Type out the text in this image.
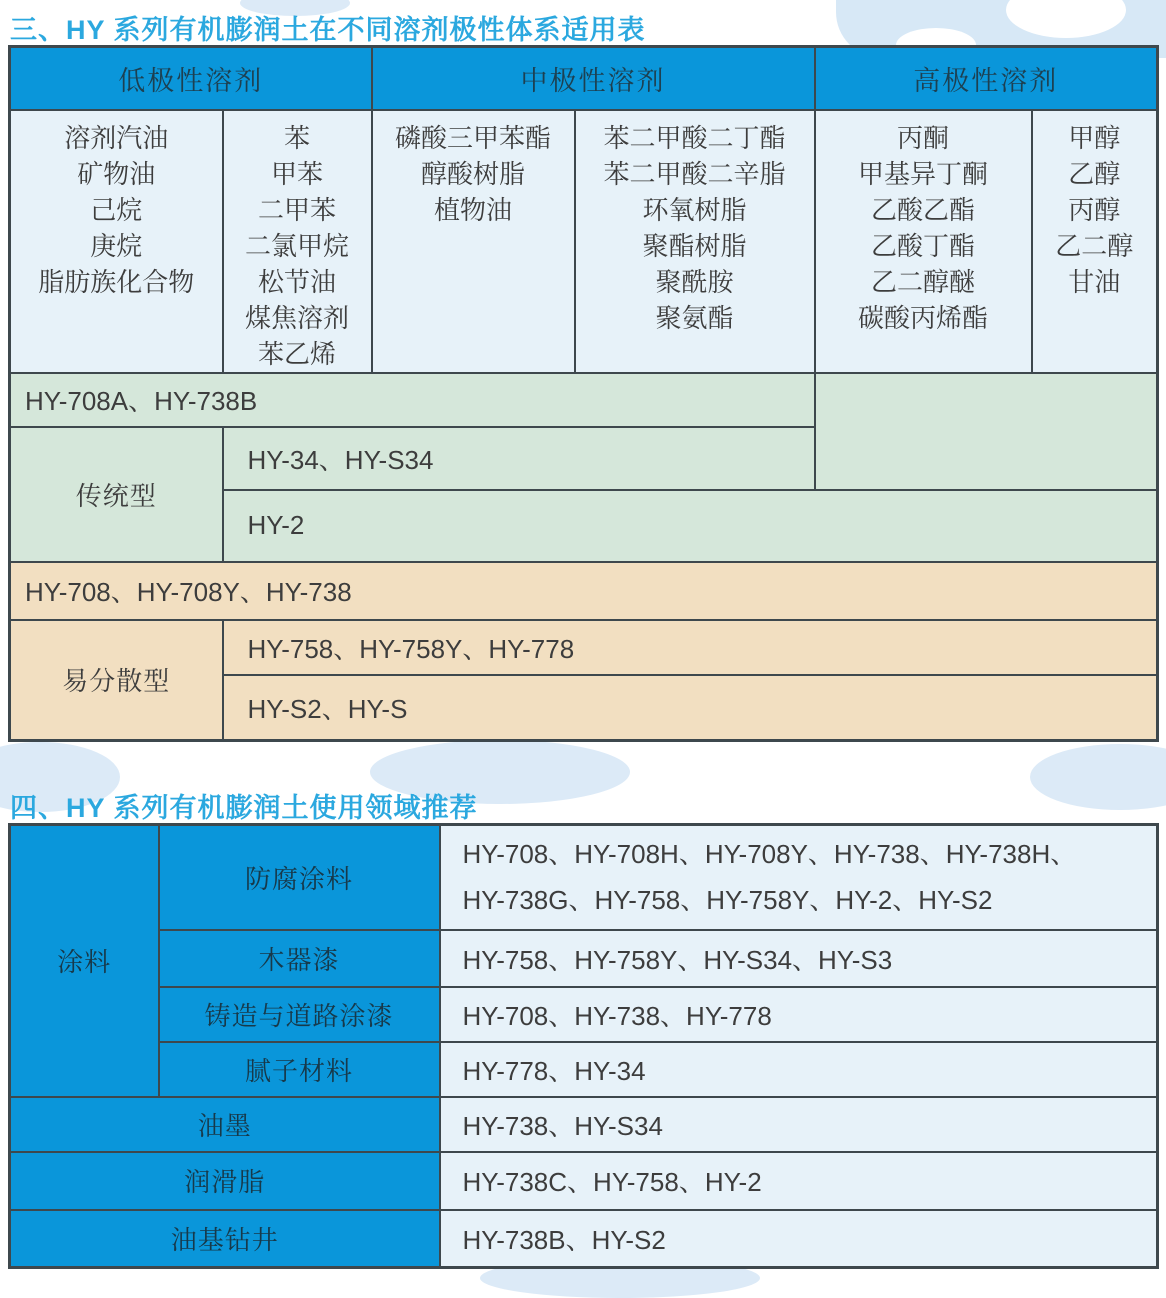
三、HY 系列有机膨润土在不同溶剂极性体系适用表
低极性溶剂		中极性溶剂		高极性溶剂	

溶剂汽油
矿物油
己烷
庚烷
脂肪族化合物

苯
甲苯
二甲苯
二氯甲烷
松节油
煤焦溶剂
苯乙烯

磷酸三甲苯酯
醇酸树脂
植物油

苯二甲酸二丁酯
苯二甲酸二辛脂
环氧树脂
聚酯树脂
聚酰胺
聚氨酯

丙酮
甲基异丁酮
乙酸乙酯
乙酸丁酯
乙二醇醚
碳酸丙烯酯

甲醇
乙醇
丙醇
乙二醇
甘油

HY-708A、HY-738B					
传统型	HY-34、HY-S34				
	HY-2				
HY-708、HY-708Y、HY-738					
易分散型	HY-758、HY-758Y、HY-778				
	HY-S2、HY-S				
四、HY 系列有机膨润土使用领域推荐
涂料	防腐涂料	HY-708、HY-708H、HY-708Y、HY-738、HY-738H、
HY-738G、HY-758、HY-758Y、HY-2、HY-S2

	木器漆	HY-758、HY-758Y、HY-S34、HY-S3
	铸造与道路涂漆	HY-708、HY-738、HY-778
	腻子材料	HY-778、HY-34
油墨		HY-738、HY-S34
润滑脂		HY-738C、HY-758、HY-2
油基钻井		HY-738B、HY-S2
